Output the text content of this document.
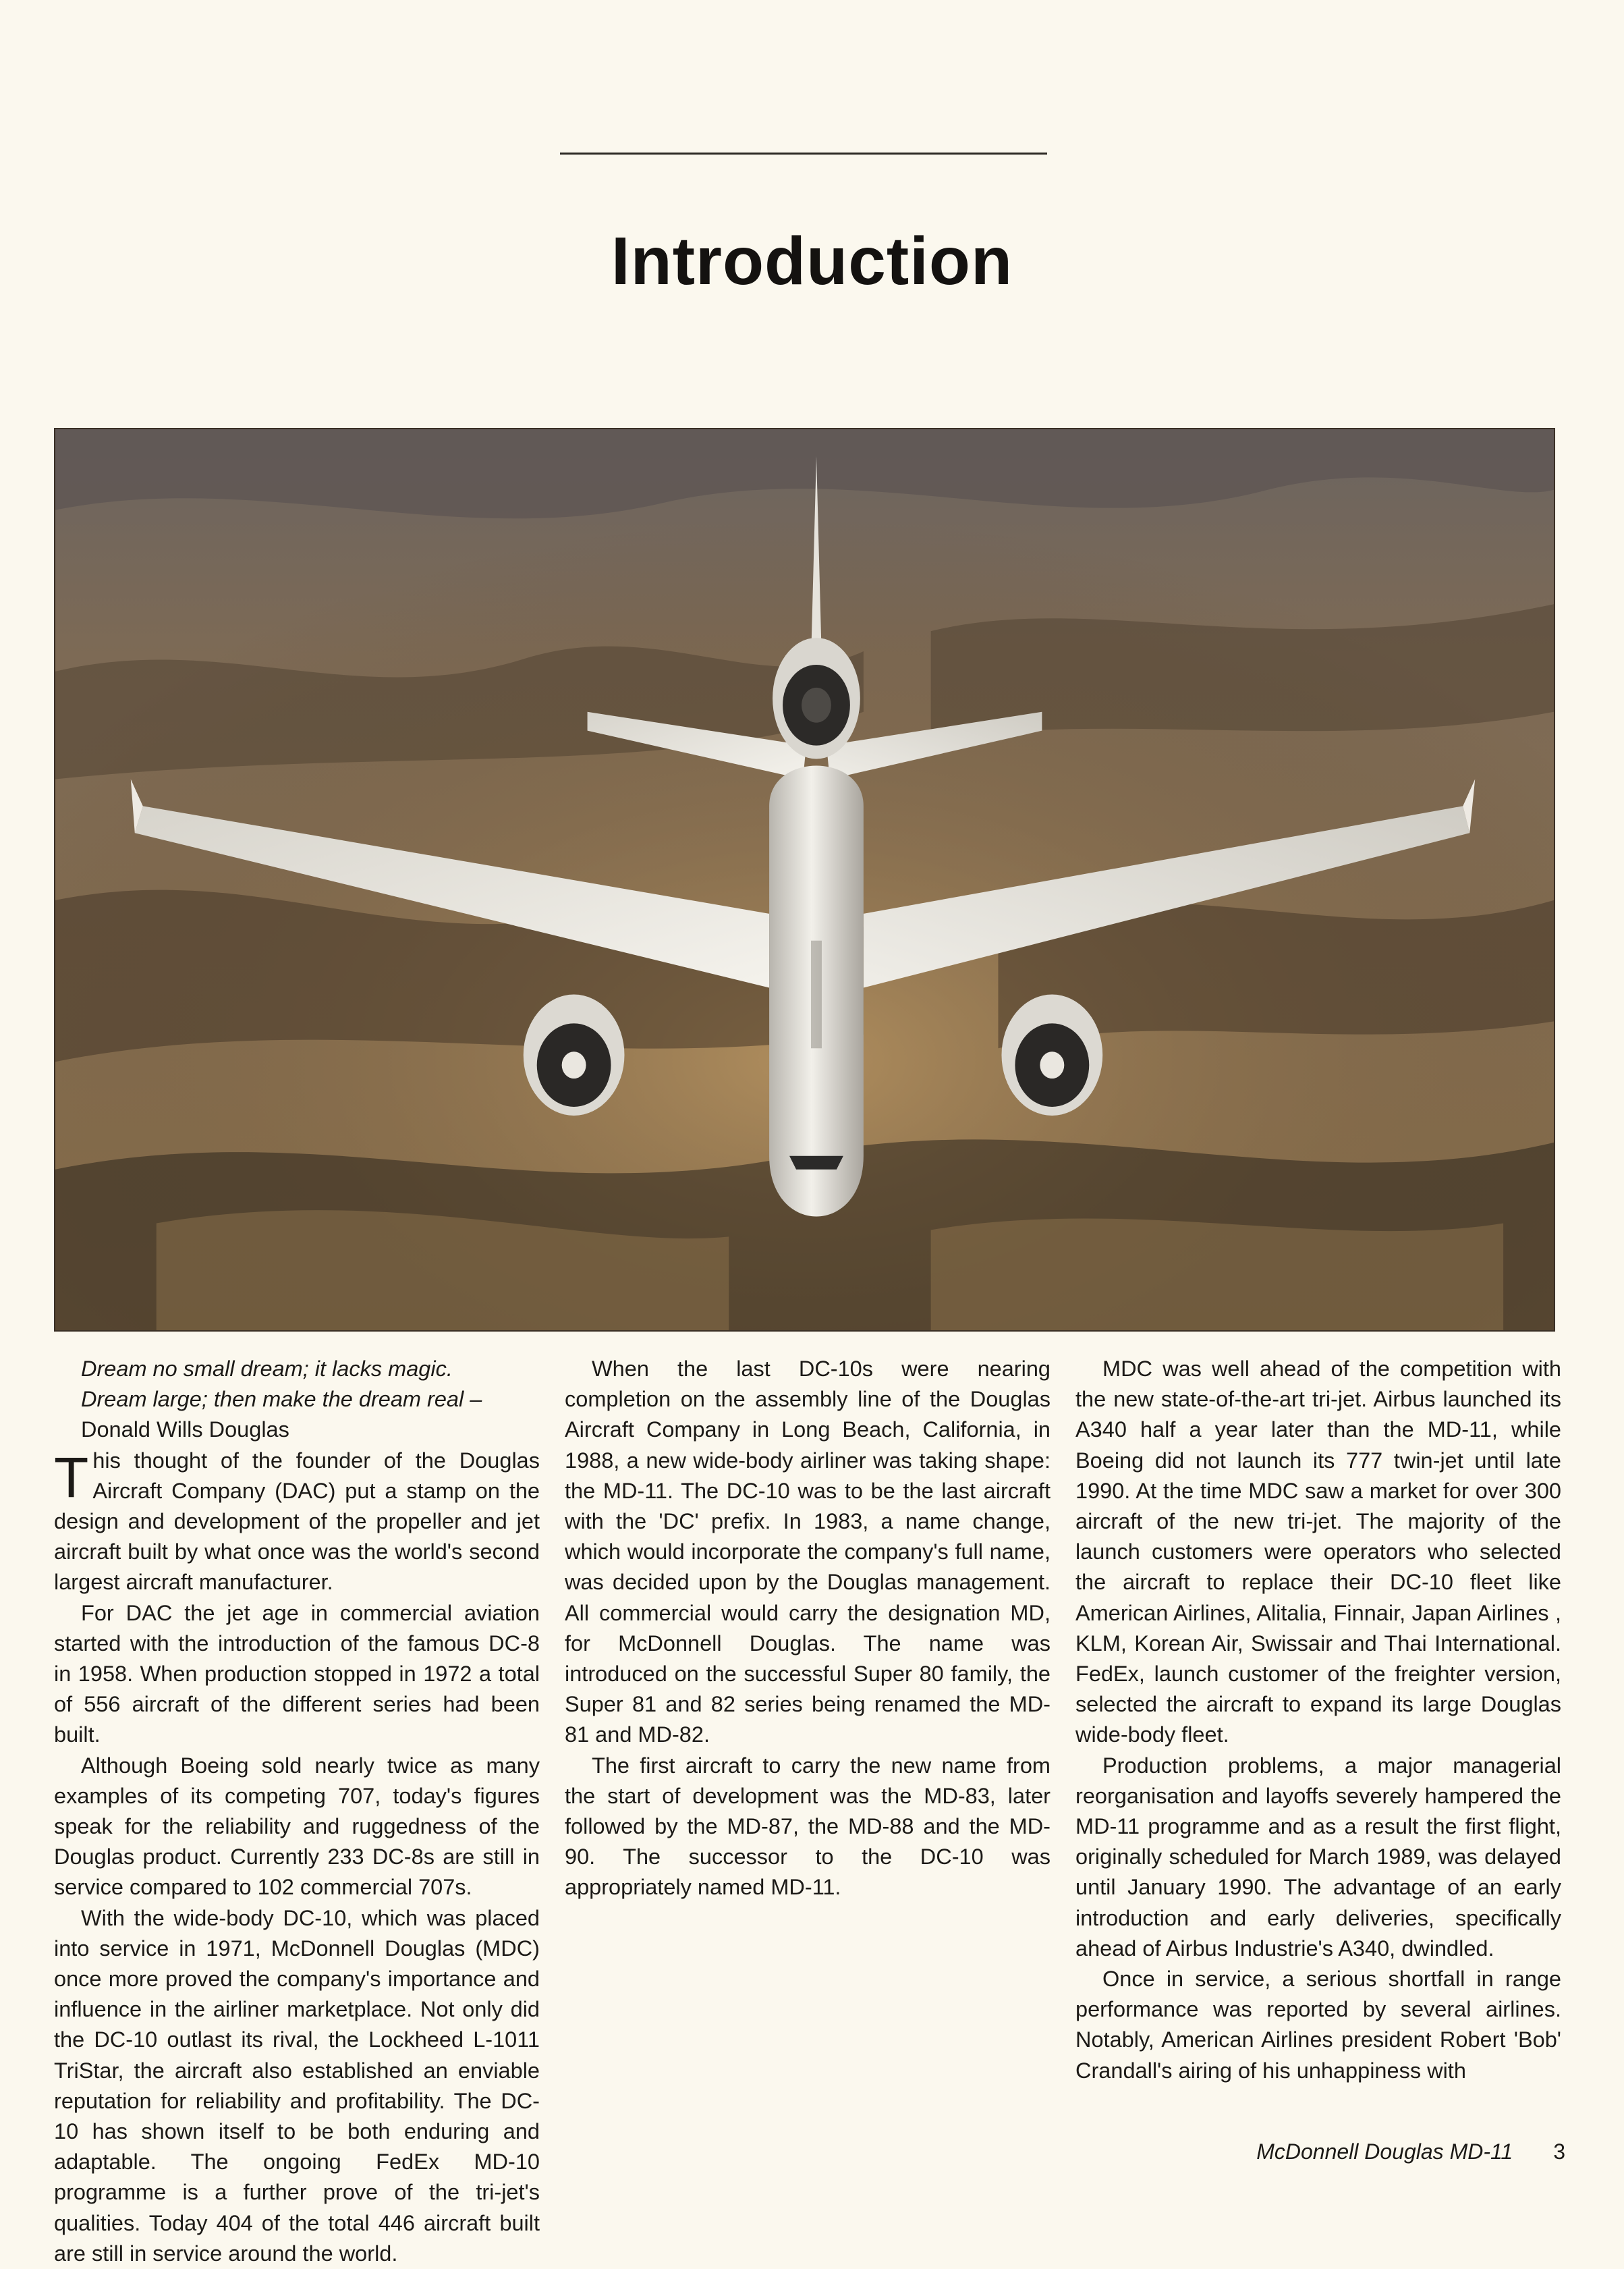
Introduction

Dream no small dream; it lacks magic.

Dream large; then make the dream real –

Donald Wills Douglas

This thought of the founder of the Douglas Aircraft Company (DAC) put a stamp on the design and development of the propeller and jet aircraft built by what once was the world's second largest aircraft manufacturer.

For DAC the jet age in commercial aviation started with the introduction of the famous DC-8 in 1958. When production stopped in 1972 a total of 556 aircraft of the different series had been built.

Although Boeing sold nearly twice as many examples of its competing 707, today's figures speak for the reliability and ruggedness of the Douglas product. Currently 233 DC-8s are still in service compared to 102 commercial 707s.

With the wide-body DC-10, which was placed into service in 1971, McDonnell Douglas (MDC) once more proved the company's importance and influence in the airliner marketplace. Not only did the DC-10 outlast its rival, the Lockheed L-1011 TriStar, the aircraft also established an enviable reputation for reliability and profitability. The DC-10 has shown itself to be both enduring and adaptable. The ongoing FedEx MD-10 programme is a further prove of the tri-jet's qualities. Today 404 of the total 446 aircraft built are still in service around the world.

When the last DC-10s were nearing completion on the assembly line of the Douglas Aircraft Company in Long Beach, California, in 1988, a new wide-body airliner was taking shape: the MD-11. The DC-10 was to be the last aircraft with the 'DC' prefix. In 1983, a name change, which would incorporate the company's full name, was decided upon by the Douglas management. All commercial would carry the designation MD, for McDonnell Douglas. The name was introduced on the successful Super 80 family, the Super 81 and 82 series being renamed the MD-81 and MD-82.

The first aircraft to carry the new name from the start of development was the MD-83, later followed by the MD-87, the MD-88 and the MD-90. The successor to the DC-10 was appropriately named MD-11.

MDC was well ahead of the competition with the new state-of-the-art tri-jet. Airbus launched its A340 half a year later than the MD-11, while Boeing did not launch its 777 twin-jet until late 1990. At the time MDC saw a market for over 300 aircraft of the new tri-jet. The majority of the launch customers were operators who selected the aircraft to replace their DC-10 fleet like American Airlines, Alitalia, Finnair, Japan Airlines , KLM, Korean Air, Swissair and Thai International. FedEx, launch customer of the freighter version, selected the aircraft to expand its large Douglas wide-body fleet.

Production problems, a major managerial reorganisation and layoffs severely hampered the MD-11 programme and as a result the first flight, originally scheduled for March 1989, was delayed until January 1990. The advantage of an early introduction and early deliveries, specifically ahead of Airbus Industrie's A340, dwindled.

Once in service, a serious shortfall in range performance was reported by several airlines. Notably, American Airlines president Robert 'Bob' Crandall's airing of his unhappiness with

McDonnell Douglas MD-11 3
